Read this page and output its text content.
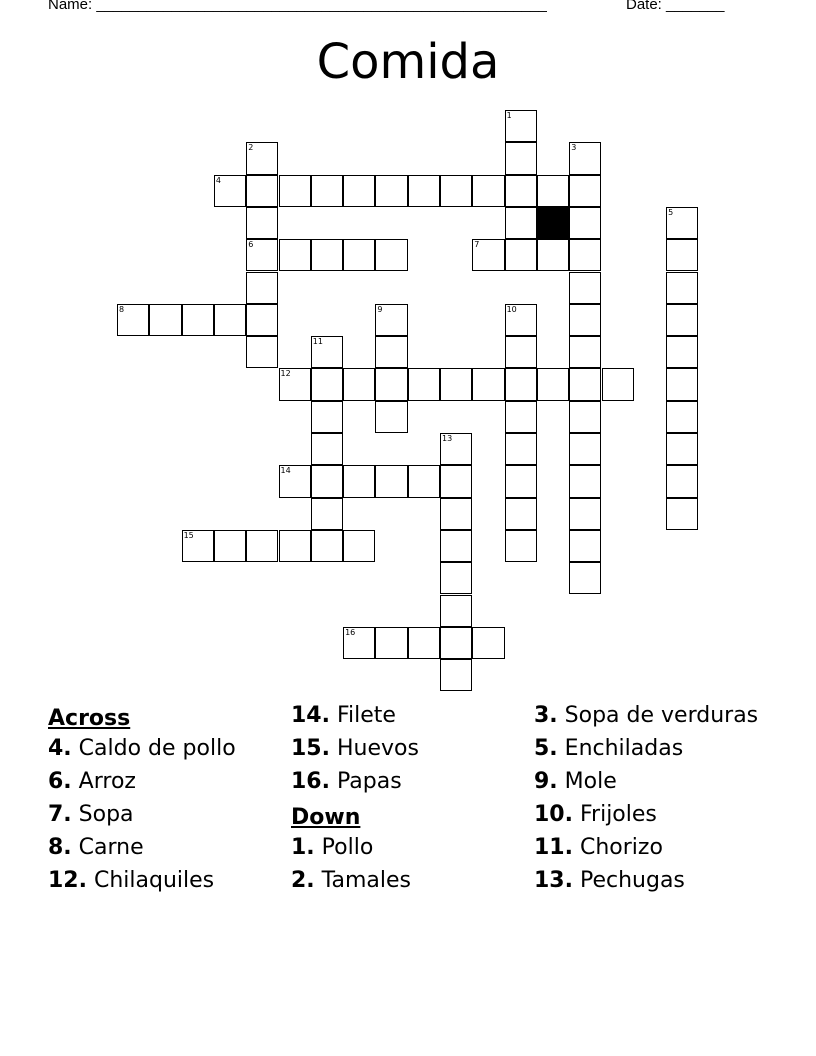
Name: ______________________________________________________	Date: _______
Comida
1
2
6
3
4
5
7
8	9	10
11
12
13
14
15
16
Across
4. Caldo de pollo
6. Arroz
7. Sopa
8. Carne
12. Chilaquiles
14. Filete
15. Huevos
16. Papas
Down
1. Pollo
2. Tamales
3. Sopa de verduras
5. Enchiladas
9. Mole
10. Frijoles
11. Chorizo
13. Pechugas
